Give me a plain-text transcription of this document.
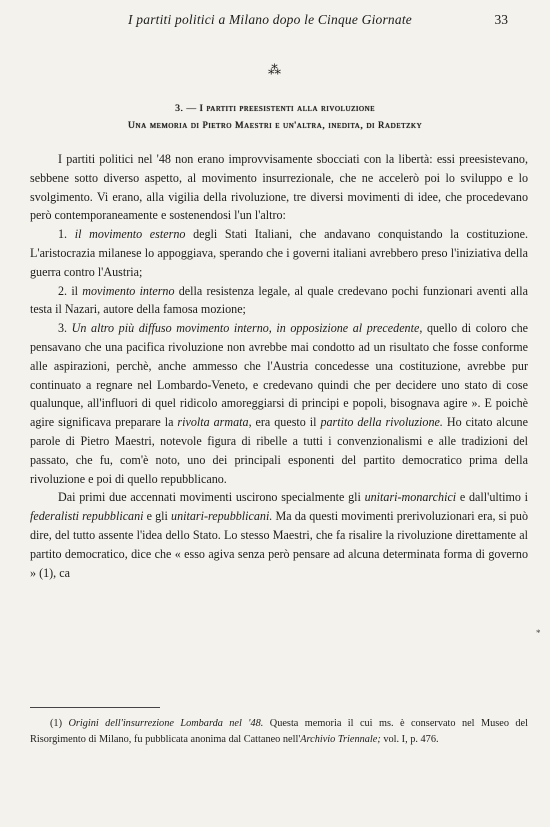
I partiti politici a Milano dopo le Cinque Giornate	33
⁂
3. — I partiti preesistenti alla rivoluzione
Una memoria di Pietro Maestri e un'altra, inedita, di Radetzky

I partiti politici nel '48 non erano improvvisamente sbocciati con la libertà: essi preesistevano, sebbene sotto diverso aspetto, al movimento insurrezionale, che ne accelerò poi lo sviluppo e lo svolgimento. Vi erano, alla vigilia della rivoluzione, tre diversi movimenti di idee, che procedevano però contemporaneamente e sostenendosi l'un l'altro:

1. il movimento esterno degli Stati Italiani, che andavano conquistando la costituzione. L'aristocrazia milanese lo appoggiava, sperando che i governi italiani avrebbero preso l'iniziativa della guerra contro l'Austria;

2. il movimento interno della resistenza legale, al quale credevano pochi funzionari aventi alla testa il Nazari, autore della famosa mozione;

3. Un altro più diffuso movimento interno, in opposizione al precedente, quello di coloro che pensavano che una pacifica rivoluzione non avrebbe mai condotto ad un risultato che fosse conforme alle aspirazioni, perchè, anche ammesso che l'Austria concedesse una costituzione, avrebbe pur continuato a regnare nel Lombardo-Veneto, e credevano quindi che per decidere uno stato di cose qualunque, all'influori di quel ridicolo amoreggiarsi di principi e popoli, bisognava agire ». E poichè agire significava preparare la rivolta armata, era questo il partito della rivoluzione. Ho citato alcune parole di Pietro Maestri, notevole figura di ribelle a tutti i convenzionalismi e alle tradizioni del passato, che fu, com'è noto, uno dei principali esponenti del partito democratico prima della rivoluzione e poi di quello repubblicano.

Dai primi due accennati movimenti uscirono specialmente gli unitari-monarchici e dall'ultimo i federalisti repubblicani e gli unitari-repubblicani. Ma da questi movimenti prerivoluzionari era, si può dire, del tutto assente l'idea dello Stato. Lo stesso Maestri, che fa risalire la rivoluzione direttamente al partito democratico, dice che « esso agiva senza però pensare ad alcuna determinata forma di governo » (1), ca

*
(1) Origini dell'insurrezione Lombarda nel '48. Questa memoria il cui ms. è conservato nel Museo del Risorgimento di Milano, fu pubblicata anonima dal Cattaneo nell'Archivio Triennale; vol. I, p. 476.
